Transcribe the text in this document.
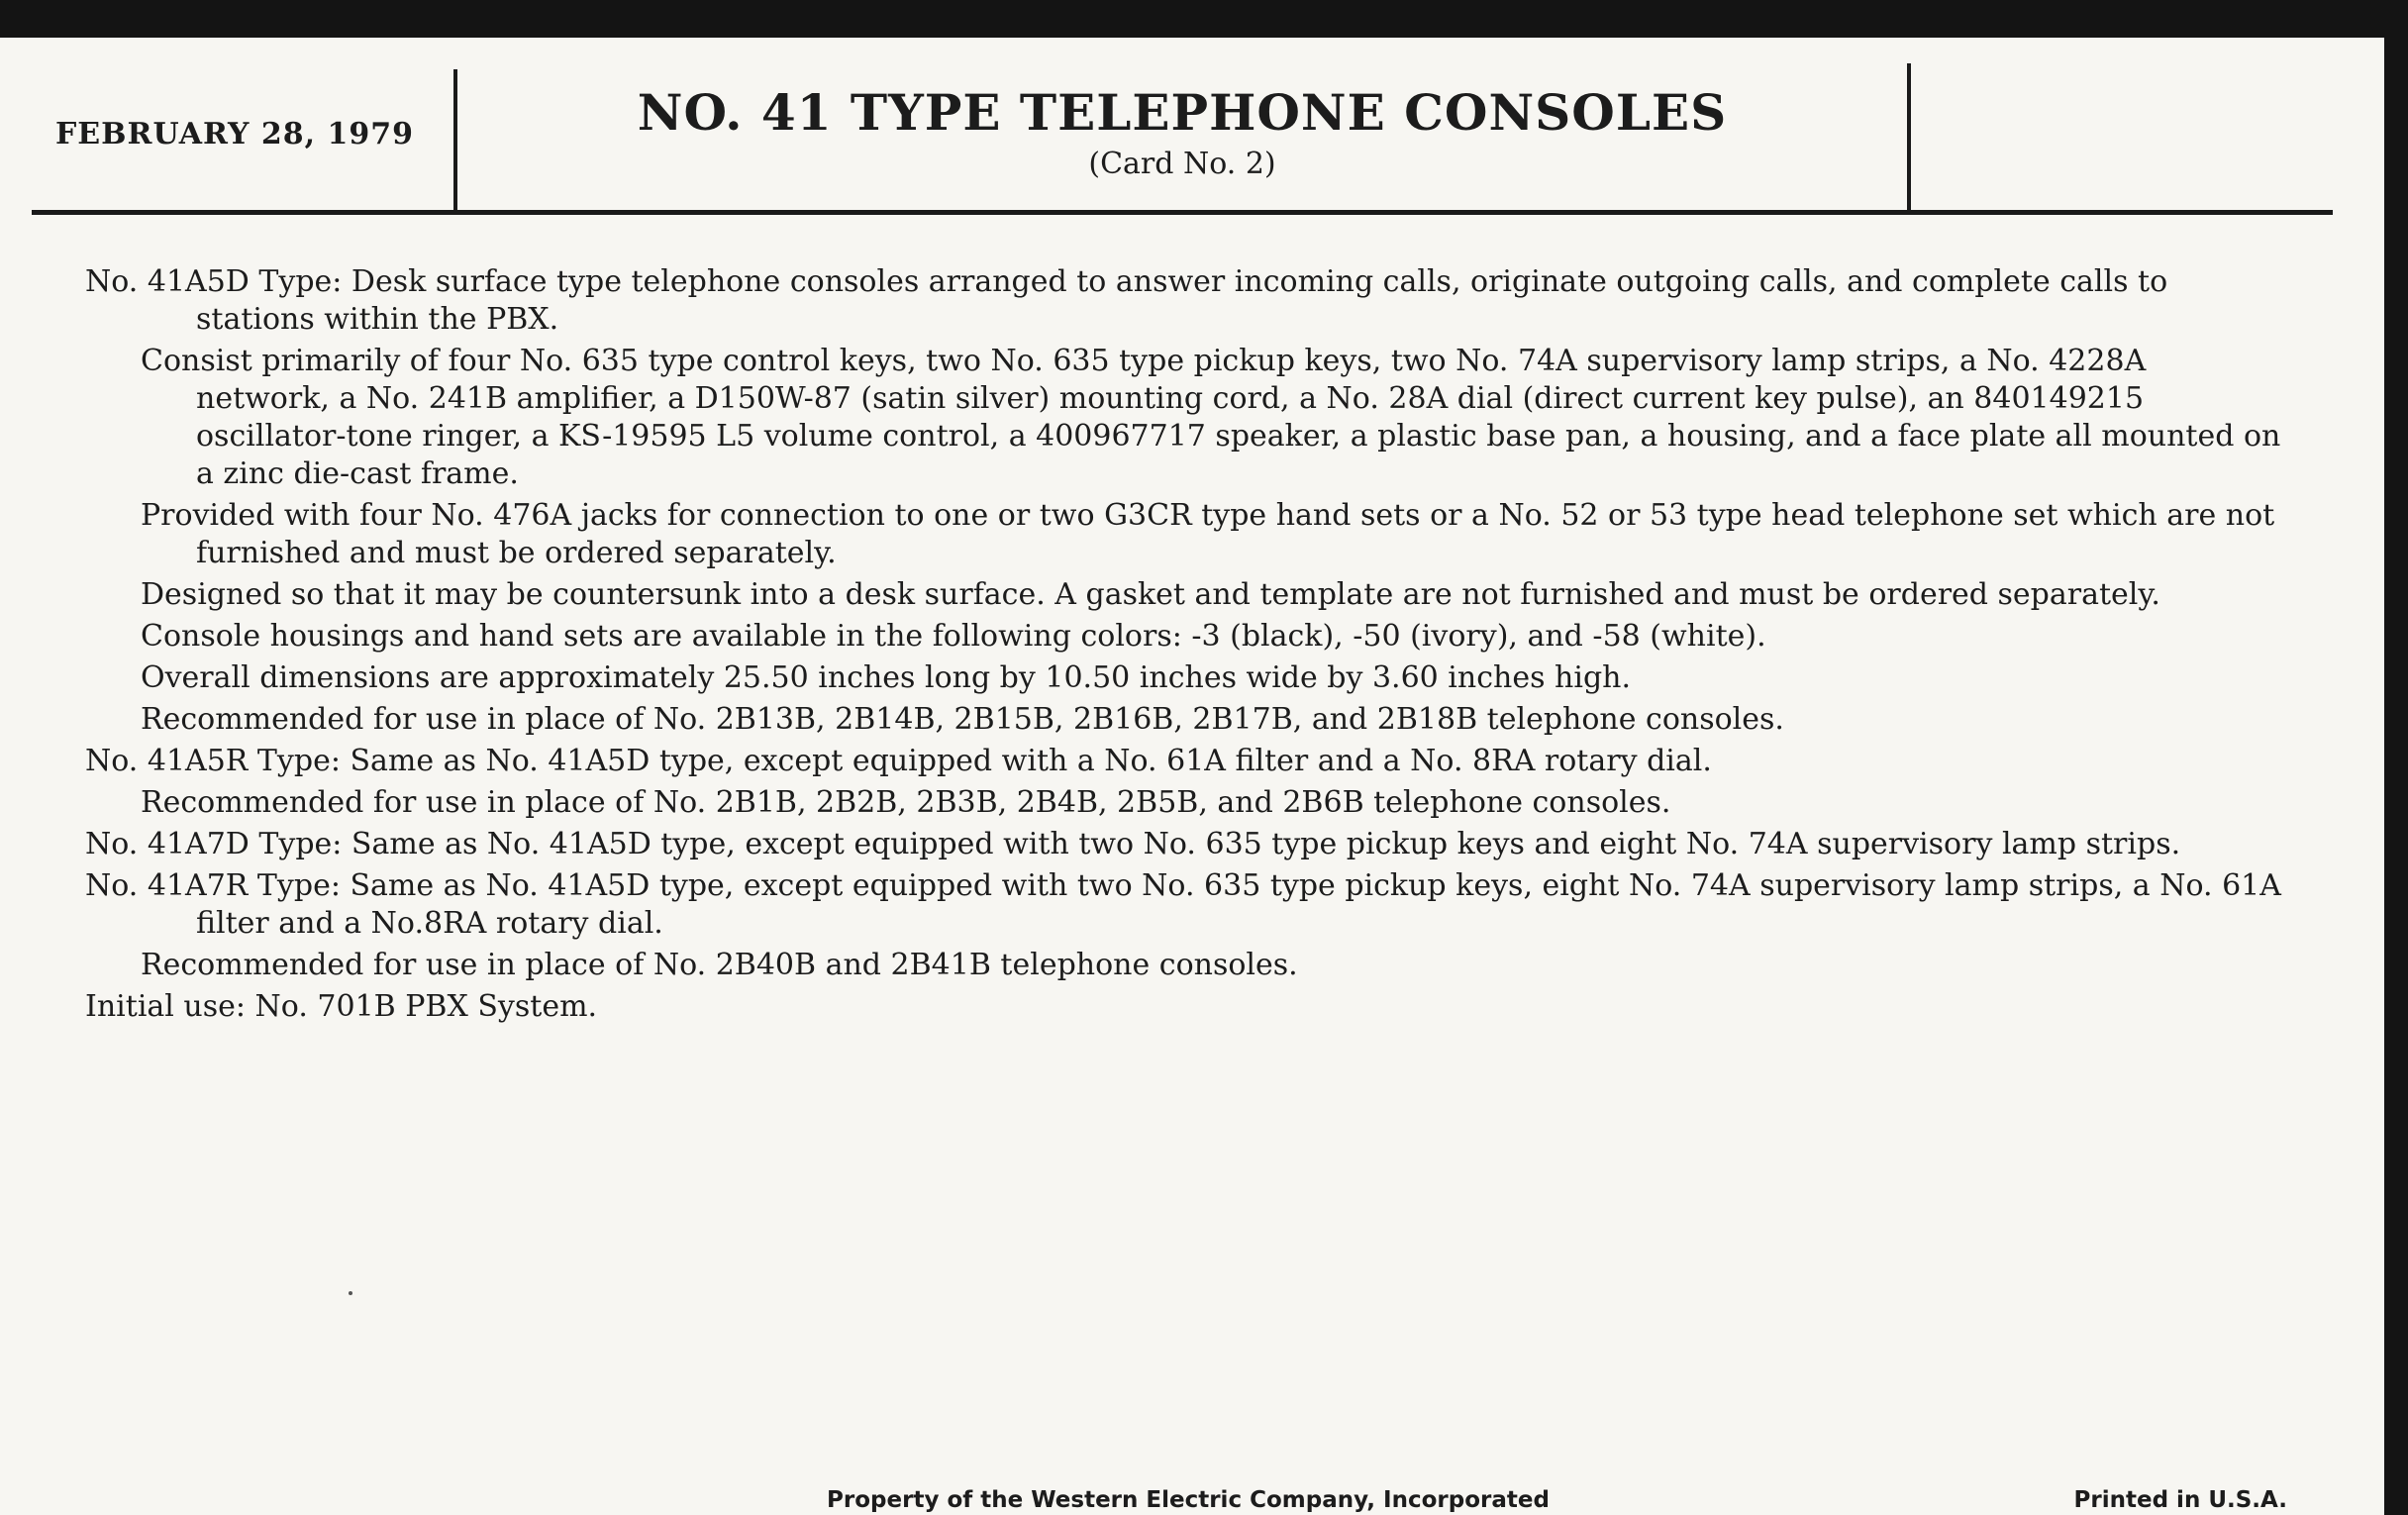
FEBRUARY 28, 1979	NO. 41 TYPE TELEPHONE CONSOLES
(Card No. 2)
No. 41A5D Type: Desk surface type telephone consoles arranged to answer incoming calls, originate outgoing calls, and complete calls to stations within the PBX.
Consist primarily of four No. 635 type control keys, two No. 635 type pickup keys, two No. 74A supervisory lamp strips, a No. 4228A network, a No. 241B amplifier, a D150W-87 (satin silver) mounting cord, a No. 28A dial (direct current key pulse), an 840149215 oscillator-tone ringer, a KS-19595 L5 volume control, a 400967717 speaker, a plastic base pan, a housing, and a face plate all mounted on a zinc die-cast frame.
Provided with four No. 476A jacks for connection to one or two G3CR type hand sets or a No. 52 or 53 type head telephone set which are not furnished and must be ordered separately.
Designed so that it may be countersunk into a desk surface. A gasket and template are not furnished and must be ordered separately.
Console housings and hand sets are available in the following colors: -3 (black), -50 (ivory), and -58 (white).
Overall dimensions are approximately 25.50 inches long by 10.50 inches wide by 3.60 inches high.
Recommended for use in place of No. 2B13B, 2B14B, 2B15B, 2B16B, 2B17B, and 2B18B telephone consoles.
No. 41A5R Type: Same as No. 41A5D type, except equipped with a No. 61A filter and a No. 8RA rotary dial.
Recommended for use in place of No. 2B1B, 2B2B, 2B3B, 2B4B, 2B5B, and 2B6B telephone consoles.
No. 41A7D Type: Same as No. 41A5D type, except equipped with two No. 635 type pickup keys and eight No. 74A supervisory lamp strips.
No. 41A7R Type: Same as No. 41A5D type, except equipped with two No. 635 type pickup keys, eight No. 74A supervisory lamp strips, a No. 61A filter and a No.8RA rotary dial.
Recommended for use in place of No. 2B40B and 2B41B telephone consoles.
Initial use: No. 701B PBX System.
Property of the Western Electric Company, Incorporated	Printed in U.S.A.
